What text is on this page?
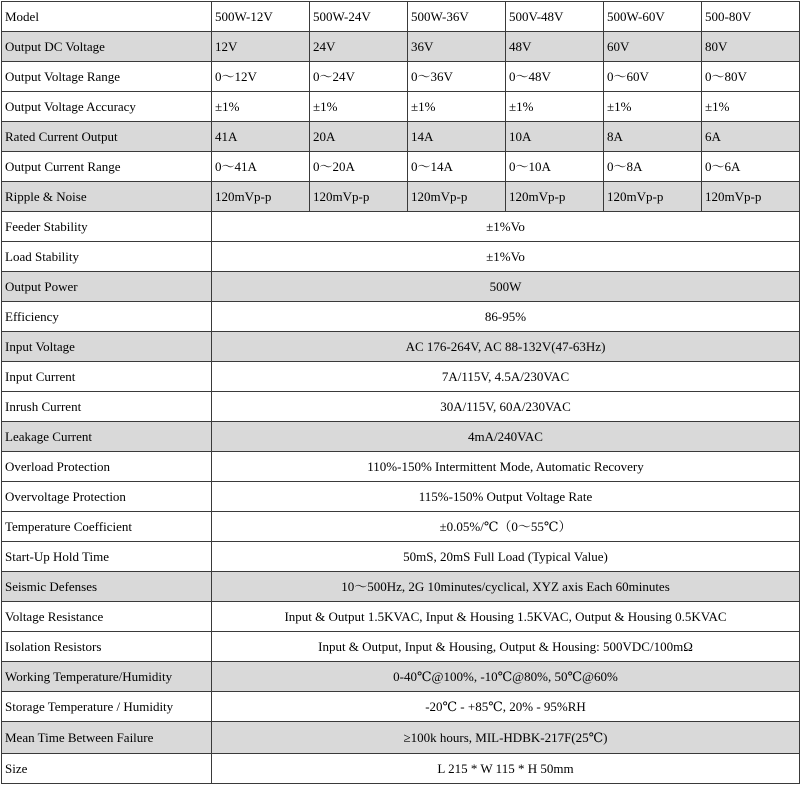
Model	500W-12V	500W-24V	500W-36V	500V-48V	500W-60V	500-80V
Output DC Voltage	12V	24V	36V	48V	60V	80V
Output Voltage Range	0～12V	0～24V	0～36V	0～48V	0～60V	0～80V
Output Voltage Accuracy	±1%	±1%	±1%	±1%	±1%	±1%
Rated Current Output	41A	20A	14A	10A	8A	6A
Output Current Range	0～41A	0～20A	0～14A	0～10A	0～8A	0～6A
Ripple & Noise	120mVp-p	120mVp-p	120mVp-p	120mVp-p	120mVp-p	120mVp-p
Feeder Stability	±1%Vo					
Load Stability	±1%Vo					
Output Power	500W					
Efficiency	86-95%					
Input Voltage	AC 176-264V, AC 88-132V(47-63Hz)					
Input Current	7A/115V, 4.5A/230VAC					
Inrush Current	30A/115V, 60A/230VAC					
Leakage Current	4mA/240VAC					
Overload Protection	110%-150% Intermittent Mode, Automatic Recovery					
Overvoltage Protection	115%-150% Output Voltage Rate					
Temperature Coefficient	±0.05%/℃（0～55℃）					
Start-Up Hold Time	50mS, 20mS Full Load (Typical Value)					
Seismic Defenses	10～500Hz, 2G 10minutes/cyclical, XYZ axis Each 60minutes					
Voltage Resistance	Input & Output 1.5KVAC, Input & Housing 1.5KVAC, Output & Housing 0.5KVAC					
Isolation Resistors	Input & Output, Input & Housing, Output & Housing: 500VDC/100mΩ					
Working Temperature/Humidity	0-40℃@100%, -10℃@80%, 50℃@60%					
Storage Temperature / Humidity	-20℃ - +85℃, 20% - 95%RH					
Mean Time Between Failure	≥100k hours, MIL-HDBK-217F(25℃)					
Size	L 215 * W 115 * H 50mm					
